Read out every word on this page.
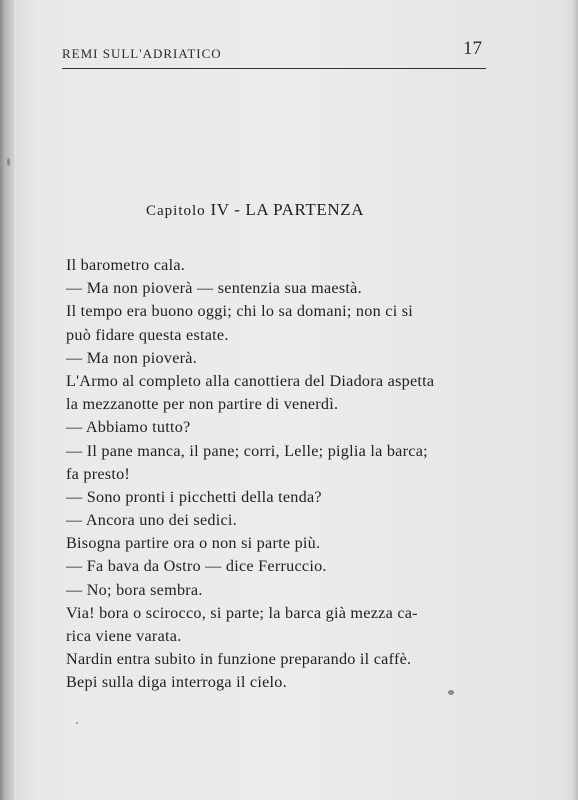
REMI SULL'ADRIATICO	17
Capitolo IV - LA PARTENZA
Il barometro cala.
— Ma non pioverà — sentenzia sua maestà.
Il tempo era buono oggi; chi lo sa domani; non ci si
può fidare questa estate.
— Ma non pioverà.
L'Armo al completo alla canottiera del Diadora aspetta
la mezzanotte per non partire di venerdì.
— Abbiamo tutto?
— Il pane manca, il pane; corri, Lelle; piglia la barca;
fa presto!
— Sono pronti i picchetti della tenda?
— Ancora uno dei sedici.
Bisogna partire ora o non si parte più.
— Fa bava da Ostro — dice Ferruccio.
— No; bora sembra.
Via! bora o scirocco, si parte; la barca già mezza ca-
rica viene varata.
Nardin entra subito in funzione preparando il caffè.
Bepi sulla diga interroga il cielo.
